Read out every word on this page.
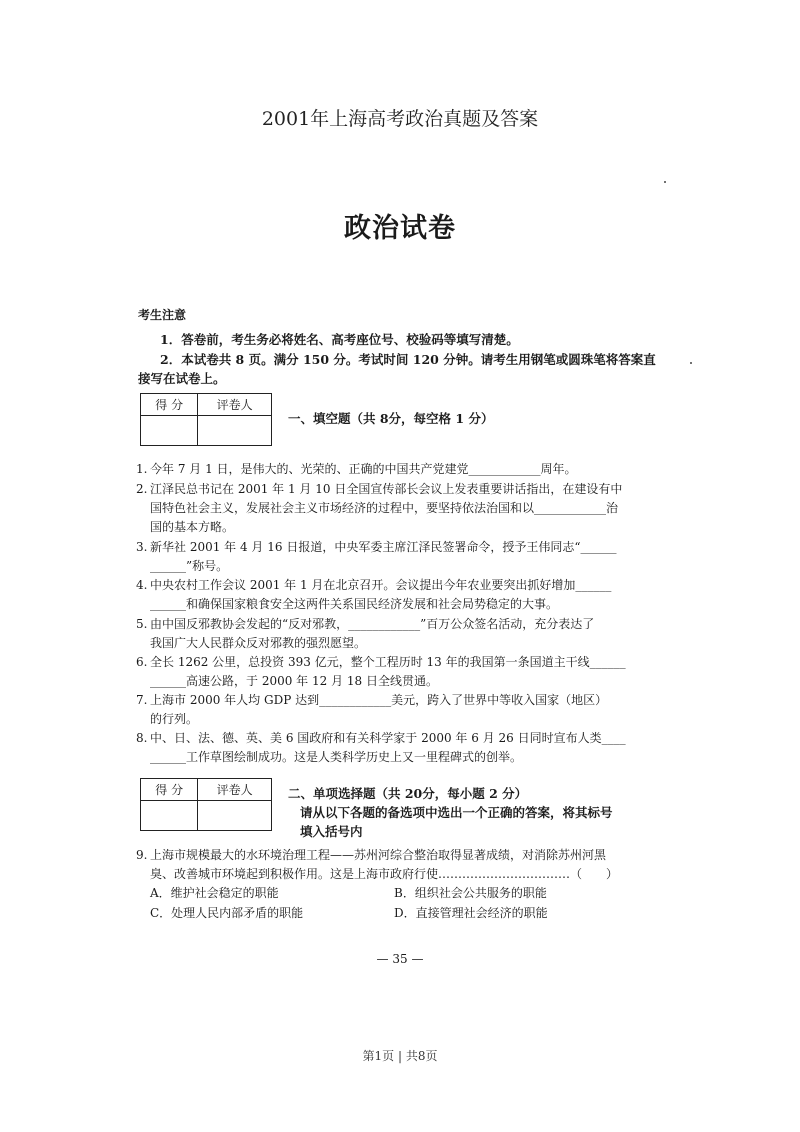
2001年上海高考政治真题及答案
政治试卷
考生注意
1．答卷前，考生务必将姓名、高考座位号、校验码等填写清楚。
2．本试卷共 8 页。满分 150 分。考试时间 120 分钟。请考生用钢笔或圆珠笔将答案直
接写在试卷上。
得 分	评卷人

一、填空题（共 8分，每空格 1 分）
1. 今年 7 月 1 日，是伟大的、光荣的、正确的中国共产党建党____________周年。
2. 江泽民总书记在 2001 年 1 月 10 日全国宣传部长会议上发表重要讲话指出，在建设有中
国特色社会主义，发展社会主义市场经济的过程中，要坚持依法治国和以____________治
国的基本方略。
3. 新华社 2001 年 4 月 16 日报道，中央军委主席江泽民签署命令，授予王伟同志“______
______”称号。
4. 中央农村工作会议 2001 年 1 月在北京召开。会议提出今年农业要突出抓好增加______
______和确保国家粮食安全这两件关系国民经济发展和社会局势稳定的大事。
5. 由中国反邪教协会发起的“反对邪教，____________”百万公众签名活动，充分表达了
我国广大人民群众反对邪教的强烈愿望。
6. 全长 1262 公里，总投资 393 亿元，整个工程历时 13 年的我国第一条国道主干线______
______高速公路，于 2000 年 12 月 18 日全线贯通。
7. 上海市 2000 年人均 GDP 达到____________美元，跨入了世界中等收入国家（地区）
的行列。
8. 中、日、法、德、英、美 6 国政府和有关科学家于 2000 年 6 月 26 日同时宣布人类____
______工作草图绘制成功。这是人类科学历史上又一里程碑式的创举。
得 分	评卷人
		二、单项选择题（共 20分，每小题 2 分）
请从以下各题的备选项中选出一个正确的答案，将其标号
填入括号内
9. 上海市规模最大的水环境治理工程——苏州河综合整治取得显著成绩，对消除苏州河黑
臭、改善城市环境起到积极作用。这是上海市政府行使……………………………（　　）
A．维护社会稳定的职能	B．组织社会公共服务的职能
C．处理人民内部矛盾的职能	D．直接管理社会经济的职能
— 35 —
第1页 | 共8页
